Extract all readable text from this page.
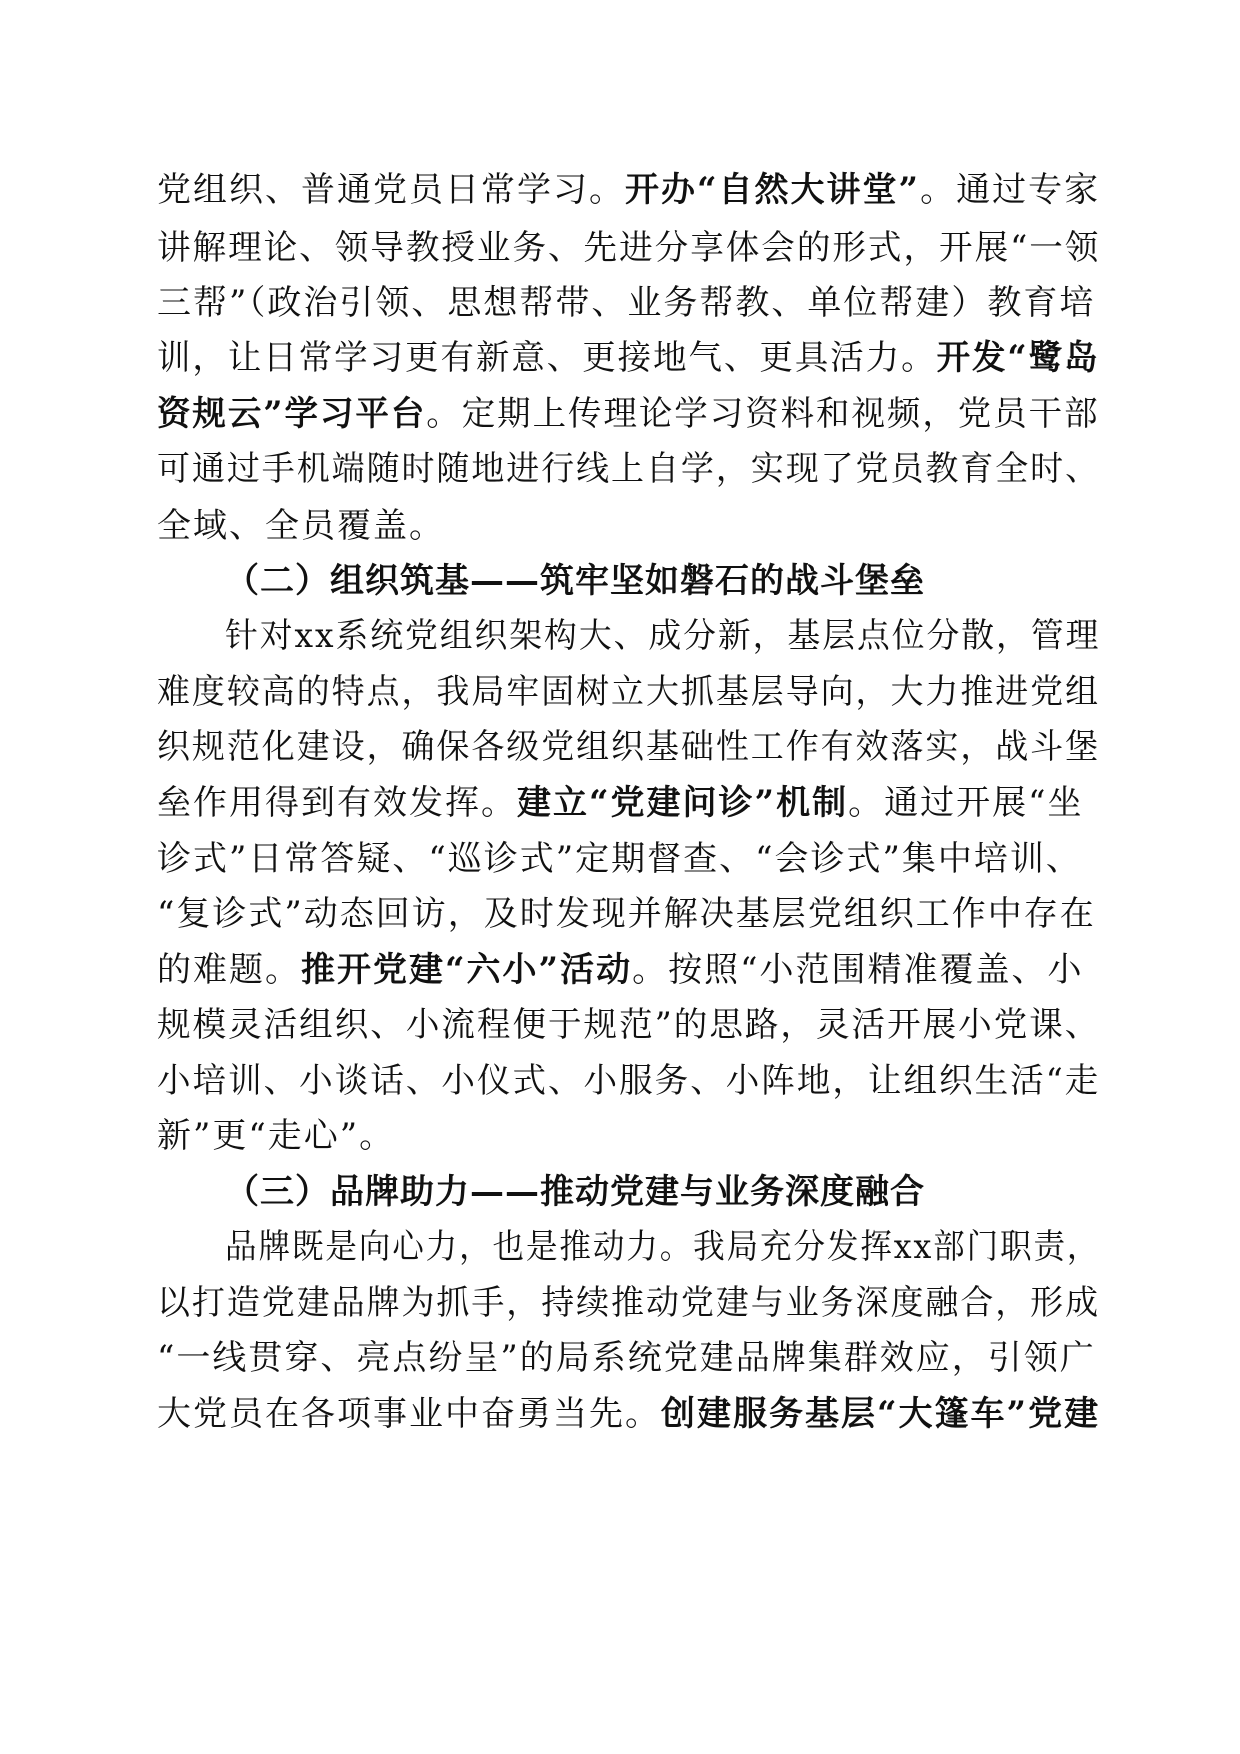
党组织、普通党员日常学习。开办“自然大讲堂”。通过专家
讲解理论、领导教授业务、先进分享体会的形式，开展“一领
三帮”（政治引领、思想帮带、业务帮教、单位帮建）教育培
训，让日常学习更有新意、更接地气、更具活力。开发“鹭岛
资规云”学习平台。定期上传理论学习资料和视频，党员干部
可通过手机端随时随地进行线上自学，实现了党员教育全时、
全域、全员覆盖。
（二）组织筑基——筑牢坚如磐石的战斗堡垒
针对xx系统党组织架构大、成分新，基层点位分散，管理
难度较高的特点，我局牢固树立大抓基层导向，大力推进党组
织规范化建设，确保各级党组织基础性工作有效落实，战斗堡
垒作用得到有效发挥。建立“党建问诊”机制。通过开展“坐
诊式”日常答疑、“巡诊式”定期督查、“会诊式”集中培训、
“复诊式”动态回访，及时发现并解决基层党组织工作中存在
的难题。推开党建“六小”活动。按照“小范围精准覆盖、小
规模灵活组织、小流程便于规范”的思路，灵活开展小党课、
小培训、小谈话、小仪式、小服务、小阵地，让组织生活“走
新”更“走心”。
（三）品牌助力——推动党建与业务深度融合
品牌既是向心力，也是推动力。我局充分发挥xx部门职责，
以打造党建品牌为抓手，持续推动党建与业务深度融合，形成
“一线贯穿、亮点纷呈”的局系统党建品牌集群效应，引领广
大党员在各项事业中奋勇当先。创建服务基层“大篷车”党建
